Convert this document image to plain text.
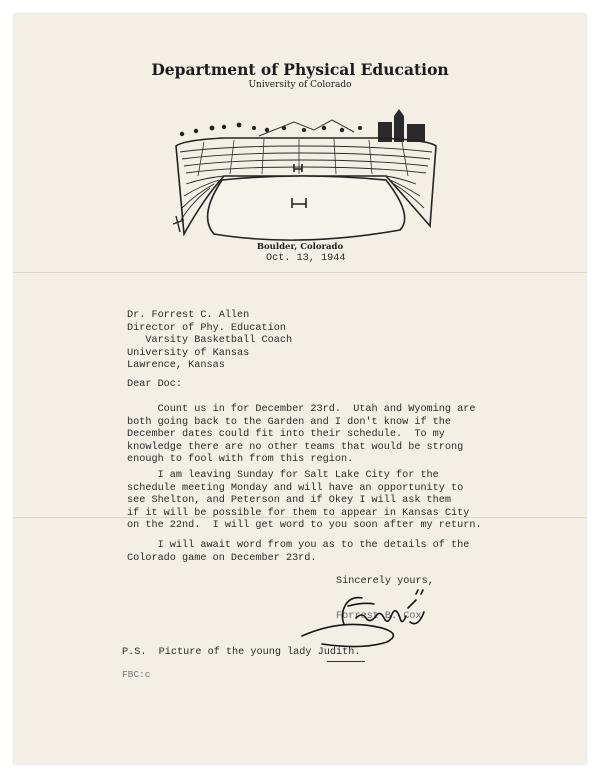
Department of Physical Education
University of Colorado
Boulder, Colorado
Oct. 13, 1944
Dr. Forrest C. Allen
Director of Phy. Education
Varsity Basketball Coach
University of Kansas
Lawrence, Kansas
Dear Doc:
Count us in for December 23rd.  Utah and Wyoming are
both going back to the Garden and I don't know if the
December dates could fit into their schedule.  To my
knowledge there are no other teams that would be strong
enough to fool with from this region.
I am leaving Sunday for Salt Lake City for the
schedule meeting Monday and will have an opportunity to
see Shelton, and Peterson and if Okey I will ask them
if it will be possible for them to appear in Kansas City
on the 22nd.  I will get word to you soon after my return.
I will await word from you as to the details of the
Colorado game on December 23rd.
Sincerely yours,
Forrest B. Cox
P.S.  Picture of the young lady Judith.
FBC:c
